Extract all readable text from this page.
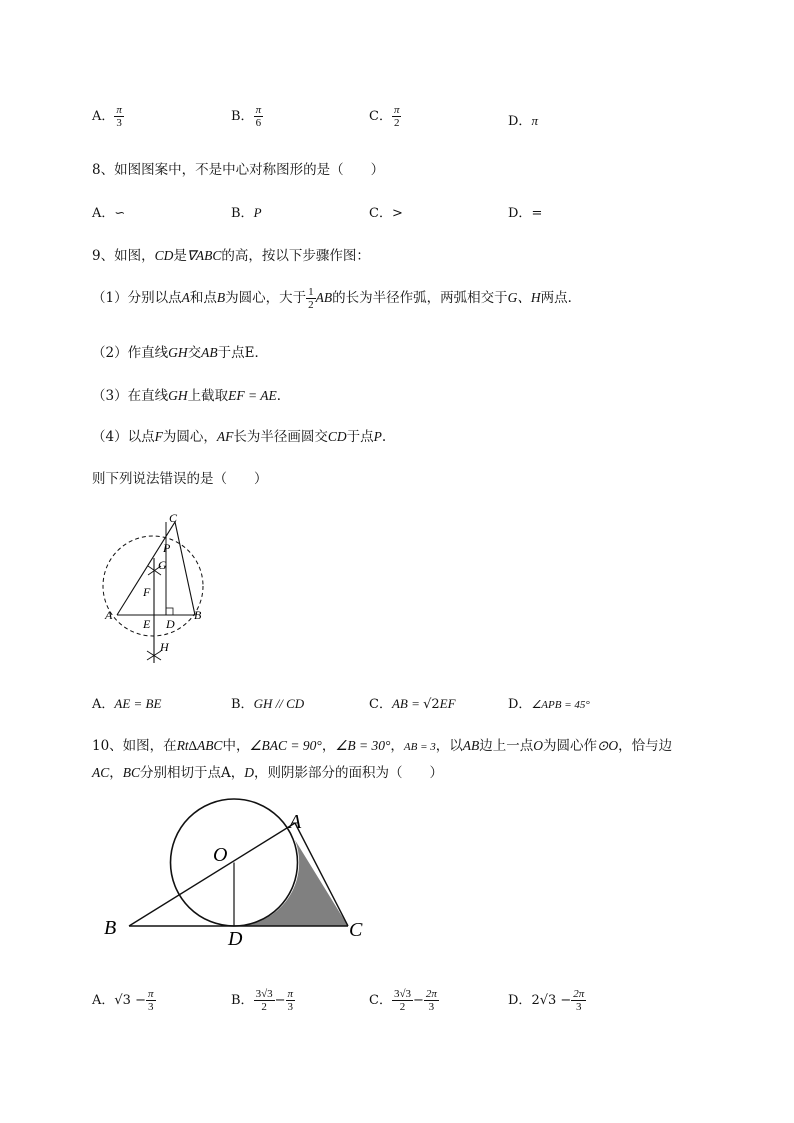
A． $\frac{\pi}{3}$	B． $\frac{\pi}{6}$	C． $\frac{\pi}{2}$	D．π
8、如图图案中，不是中心对称图形的是（　　）
A．∽	B．P	C．>	D．=
9、如图，CD是∇ABC的高，按以下步骤作图：
（1）分别以点A和点B为圆心，大于 $\frac{1}{2}$ AB的长为半径作弧，两弧相交于G、H两点．
（2）作直线GH交AB于点E．
（3）在直线GH上截取EF = AE．
（4）以点F为圆心，AF长为半径画圆交CD于点P.
则下列说法错误的是（　　）
C
P
G
F
A
E D
B
H
A．AE = BE	B．GH // CD	C．AB = √2EF	D．∠APB = 45°
10、如图，在Rt∆ABC中，∠BAC = 90°，∠B = 30°，AB = 3，以AB边上一点O为圆心作⊙O，恰与边
AC，BC分别相切于点A，D，则阴影部分的面积为（　　）
A
O
B	D	C
A．$√3 - \frac{\pi}{3}$	B． $\frac{3√3}{2} - \frac{\pi}{3}$	C． $\frac{3√3}{2} - \frac{2\pi}{3}$	D．$2√3 - \frac{2\pi}{3}$
